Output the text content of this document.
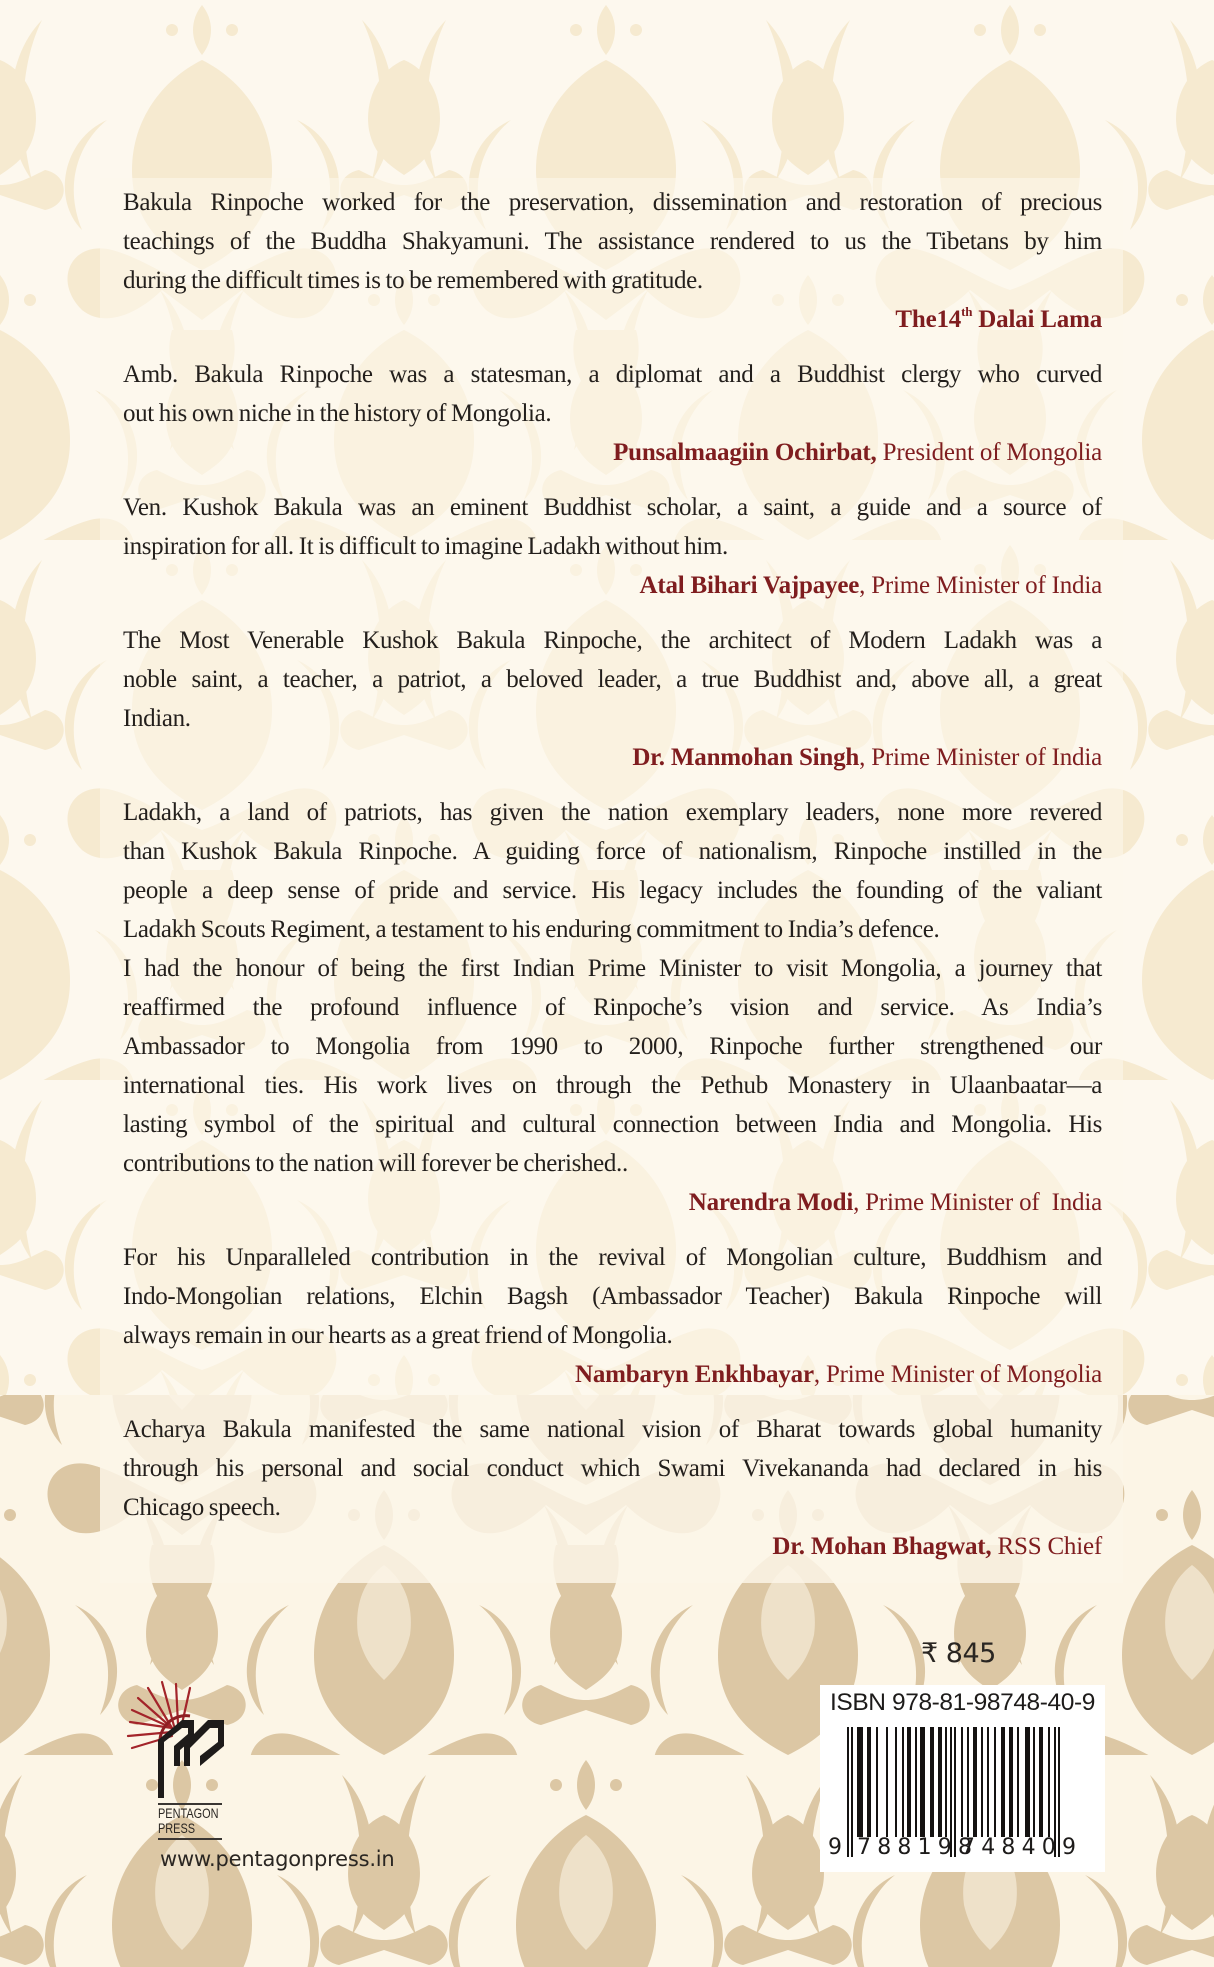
Bakula Rinpoche worked for the preservation, dissemination and restoration of precious
teachings of the Buddha Shakyamuni. The assistance rendered to us the Tibetans by him
during the difficult times is to be remembered with gratitude.
The14th Dalai Lama
Amb. Bakula Rinpoche was a statesman, a diplomat and a Buddhist clergy who curved
out his own niche in the history of Mongolia.
Punsalmaagiin Ochirbat, President of Mongolia
Ven. Kushok Bakula was an eminent Buddhist scholar, a saint, a guide and a source of
inspiration for all. It is difficult to imagine Ladakh without him.
Atal Bihari Vajpayee, Prime Minister of India
The Most Venerable Kushok Bakula Rinpoche, the architect of Modern Ladakh was a
noble saint, a teacher, a patriot, a beloved leader, a true Buddhist and, above all, a great
Indian.
Dr. Manmohan Singh, Prime Minister of India
Ladakh, a land of patriots, has given the nation exemplary leaders, none more revered
than Kushok Bakula Rinpoche. A guiding force of nationalism, Rinpoche instilled in the
people a deep sense of pride and service. His legacy includes the founding of the valiant
Ladakh Scouts Regiment, a testament to his enduring commitment to India’s defence.
I had the honour of being the first Indian Prime Minister to visit Mongolia, a journey that
reaffirmed the profound influence of Rinpoche’s vision and service. As India’s
Ambassador to Mongolia from 1990 to 2000, Rinpoche further strengthened our
international ties. His work lives on through the Pethub Monastery in Ulaanbaatar—a
lasting symbol of the spiritual and cultural connection between India and Mongolia. His
contributions to the nation will forever be cherished..
Narendra Modi, Prime Minister of  India
For his Unparalleled contribution in the revival of Mongolian culture, Buddhism and
Indo-Mongolian relations, Elchin Bagsh (Ambassador Teacher) Bakula Rinpoche will
always remain in our hearts as a great friend of Mongolia.
Nambaryn Enkhbayar, Prime Minister of Mongolia
Acharya Bakula manifested the same national vision of Bharat towards global humanity
through his personal and social conduct which Swami Vivekananda had declared in his
Chicago speech.
Dr. Mohan Bhagwat, RSS Chief
PENTAGON
PRESS
www.pentagonpress.in
₹ 845
ISBN 978-81-98748-40-9
9 788198
748409
